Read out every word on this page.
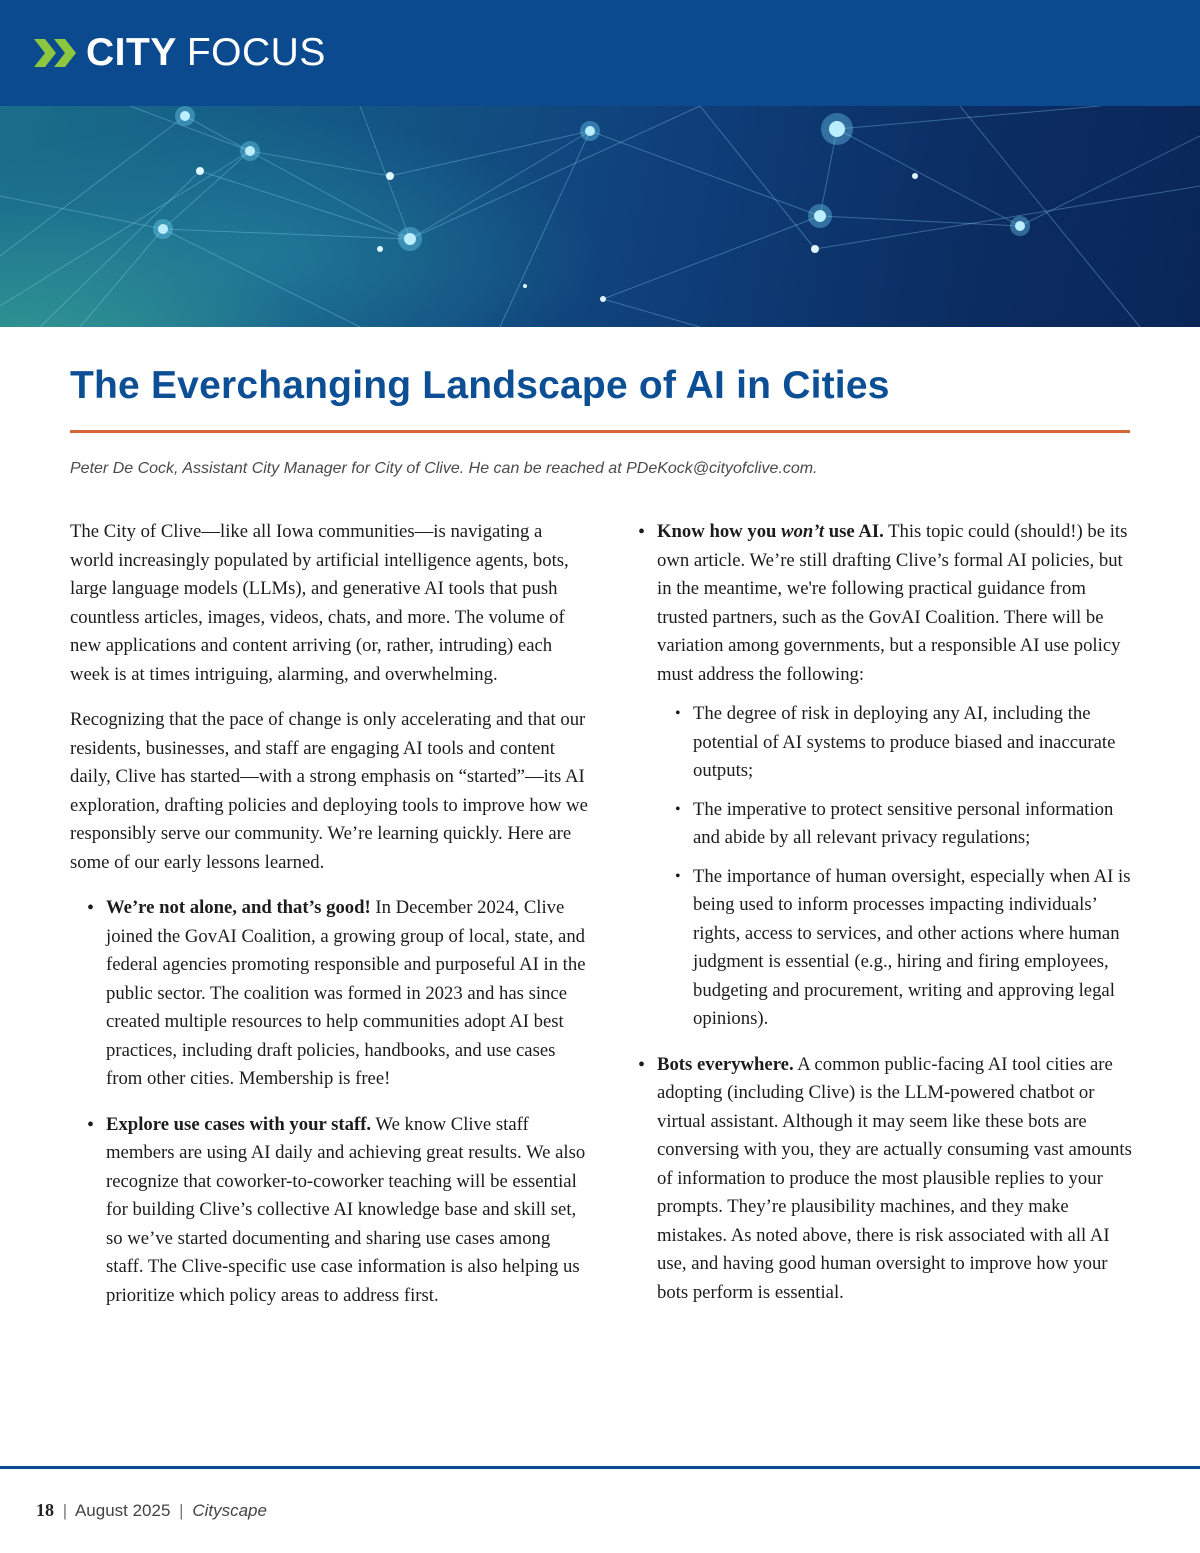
CITY FOCUS
The Everchanging Landscape of AI in Cities
Peter De Cock, Assistant City Manager for City of Clive. He can be reached at PDeKock@cityofclive.com.

The City of Clive—like all Iowa communities—is navigating a world increasingly populated by artificial intelligence agents, bots, large language models (LLMs), and generative AI tools that push countless articles, images, videos, chats, and more. The volume of new applications and content arriving (or, rather, intruding) each week is at times intriguing, alarming, and overwhelming.

Recognizing that the pace of change is only accelerating and that our residents, businesses, and staff are engaging AI tools and content daily, Clive has started—with a strong emphasis on “started”—its AI exploration, drafting policies and deploying tools to improve how we responsibly serve our community. We’re learning quickly. Here are some of our early lessons learned.

• We’re not alone, and that’s good! In December 2024, Clive joined the GovAI Coalition, a growing group of local, state, and federal agencies promoting responsible and purposeful AI in the public sector. The coalition was formed in 2023 and has since created multiple resources to help communities adopt AI best practices, including draft policies, handbooks, and use cases from other cities. Membership is free!
• Explore use cases with your staff. We know Clive staff members are using AI daily and achieving great results. We also recognize that coworker-to-coworker teaching will be essential for building Clive’s collective AI knowledge base and skill set, so we’ve started documenting and sharing use cases among staff. The Clive-specific use case information is also helping us prioritize which policy areas to address first.
• Know how you won’t use AI. This topic could (should!) be its own article. We’re still drafting Clive’s formal AI policies, but in the meantime, we're following practical guidance from trusted partners, such as the GovAI Coalition. There will be variation among governments, but a responsible AI use policy must address the following:
• The degree of risk in deploying any AI, including the potential of AI systems to produce biased and inaccurate outputs;
• The imperative to protect sensitive personal information and abide by all relevant privacy regulations;
• The importance of human oversight, especially when AI is being used to inform processes impacting individuals’ rights, access to services, and other actions where human judgment is essential (e.g., hiring and firing employees, budgeting and procurement, writing and approving legal opinions).
• Bots everywhere. A common public-facing AI tool cities are adopting (including Clive) is the LLM-powered chatbot or virtual assistant. Although it may seem like these bots are conversing with you, they are actually consuming vast amounts of information to produce the most plausible replies to your prompts. They’re plausibility machines, and they make mistakes. As noted above, there is risk associated with all AI use, and having good human oversight to improve how your bots perform is essential.
18 | August 2025 | Cityscape
